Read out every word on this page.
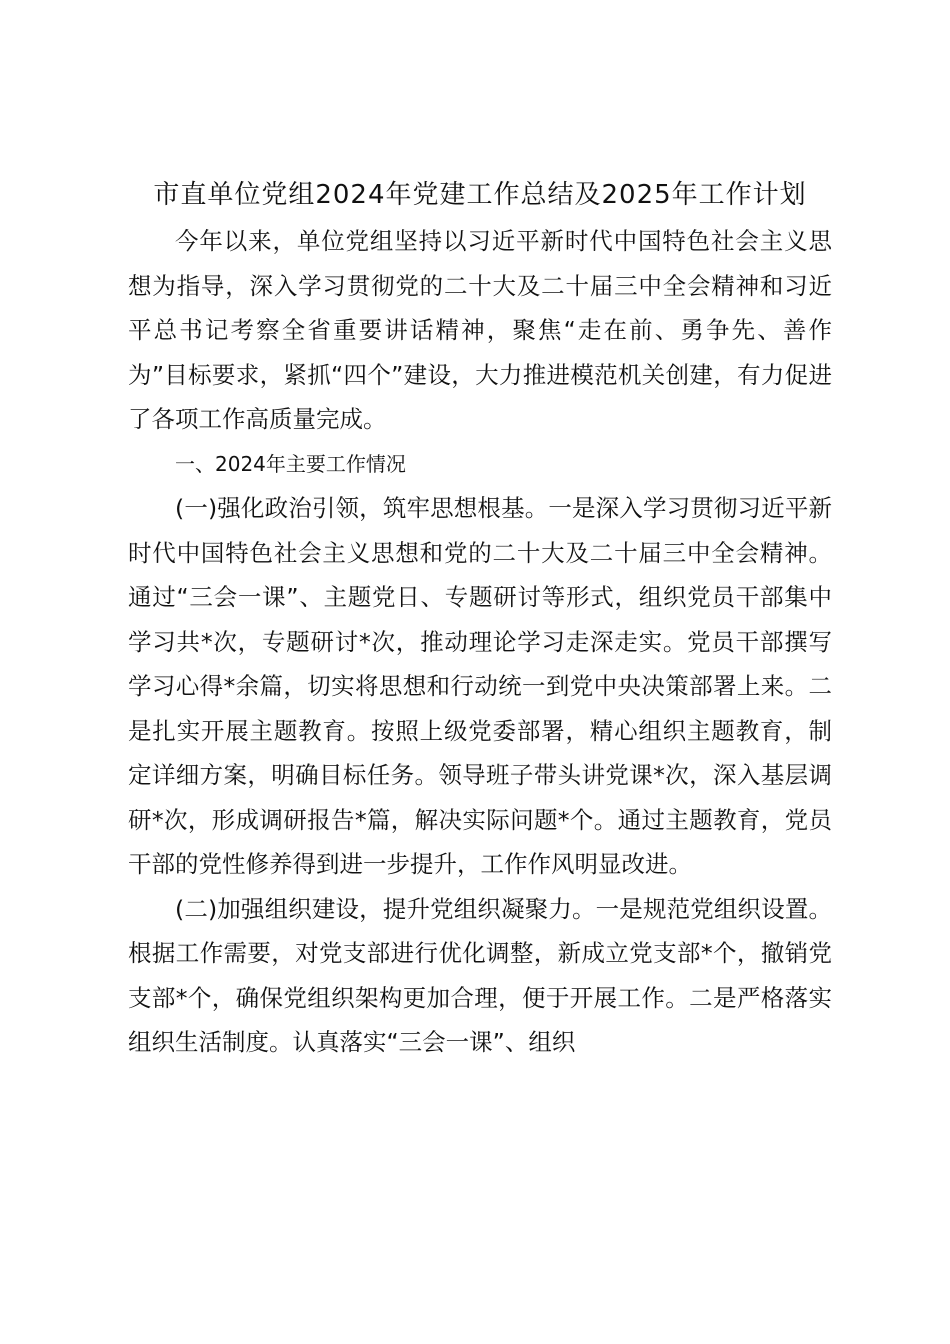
市直单位党组2024年党建工作总结及2025年工作计划

今年以来，单位党组坚持以习近平新时代中国特色社会主义思想为指导，深入学习贯彻党的二十大及二十届三中全会精神和习近平总书记考察全省重要讲话精神，聚焦“走在前、勇争先、善作为”目标要求，紧抓“四个”建设，大力推进模范机关创建，有力促进了各项工作高质量完成。

一、2024年主要工作情况

(一)强化政治引领，筑牢思想根基。一是深入学习贯彻习近平新时代中国特色社会主义思想和党的二十大及二十届三中全会精神。通过“三会一课”、主题党日、专题研讨等形式，组织党员干部集中学习共*次，专题研讨*次，推动理论学习走深走实。党员干部撰写学习心得*余篇，切实将思想和行动统一到党中央决策部署上来。二是扎实开展主题教育。按照上级党委部署，精心组织主题教育，制定详细方案，明确目标任务。领导班子带头讲党课*次，深入基层调研*次，形成调研报告*篇，解决实际问题*个。通过主题教育，党员干部的党性修养得到进一步提升，工作作风明显改进。

(二)加强组织建设，提升党组织凝聚力。一是规范党组织设置。根据工作需要，对党支部进行优化调整，新成立党支部*个，撤销党支部*个，确保党组织架构更加合理，便于开展工作。二是严格落实组织生活制度。认真落实“三会一课”、组织
